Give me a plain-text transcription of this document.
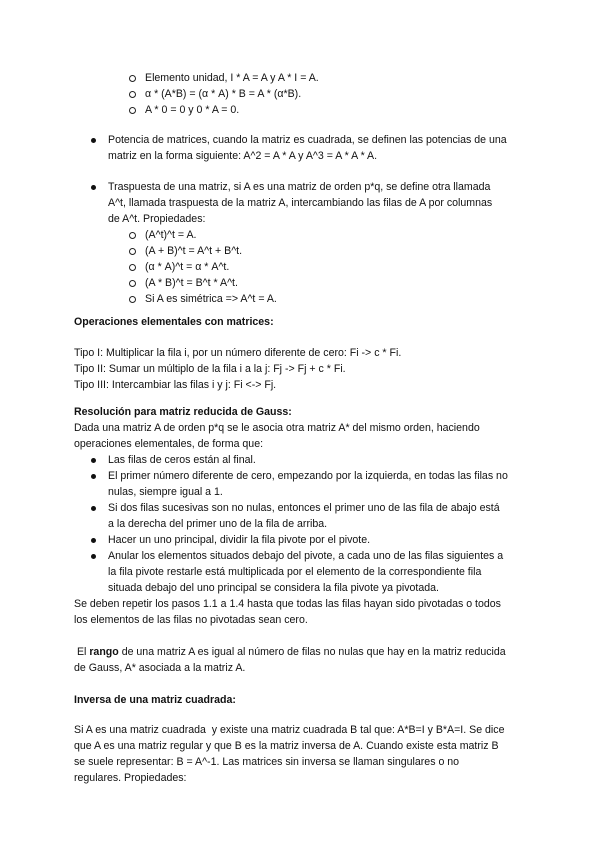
Elemento unidad, I * A = A y A * I = A.
α * (A*B) = (α * A) * B = A * (α*B).
A * 0 = 0 y 0 * A = 0.
Potencia de matrices, cuando la matriz es cuadrada, se definen las potencias de una
matriz en la forma siguiente: A^2 = A * A y A^3 = A * A * A.
Traspuesta de una matriz, si A es una matriz de orden p*q, se define otra llamada
A^t, llamada traspuesta de la matriz A, intercambiando las filas de A por columnas
de A^t. Propiedades:
(A^t)^t = A.
(A + B)^t = A^t + B^t.
(α * A)^t = α * A^t.
(A * B)^t = B^t * A^t.
Si A es simétrica => A^t = A.
Operaciones elementales con matrices:
Tipo I: Multiplicar la fila i, por un número diferente de cero: Fi -> c * Fi.
Tipo II: Sumar un múltiplo de la fila i a la j: Fj -> Fj + c * Fi.
Tipo III: Intercambiar las filas i y j: Fi <-> Fj.
Resolución para matriz reducida de Gauss:
Dada una matriz A de orden p*q se le asocia otra matriz A* del mismo orden, haciendo
operaciones elementales, de forma que:
Las filas de ceros están al final.
El primer número diferente de cero, empezando por la izquierda, en todas las filas no
nulas, siempre igual a 1.
Si dos filas sucesivas son no nulas, entonces el primer uno de las fila de abajo está
a la derecha del primer uno de la fila de arriba.
Hacer un uno principal, dividir la fila pivote por el pivote.
Anular los elementos situados debajo del pivote, a cada uno de las filas siguientes a
la fila pivote restarle está multiplicada por el elemento de la correspondiente fila
situada debajo del uno principal se considera la fila pivote ya pivotada.
Se deben repetir los pasos 1.1 a 1.4 hasta que todas las filas hayan sido pivotadas o todos
los elementos de las filas no pivotadas sean cero.
El rango de una matriz A es igual al número de filas no nulas que hay en la matriz reducida
de Gauss, A* asociada a la matriz A.
Inversa de una matriz cuadrada:
Si A es una matriz cuadrada  y existe una matriz cuadrada B tal que: A*B=I y B*A=I. Se dice
que A es una matriz regular y que B es la matriz inversa de A. Cuando existe esta matriz B
se suele representar: B = A^-1. Las matrices sin inversa se llaman singulares o no
regulares. Propiedades:
